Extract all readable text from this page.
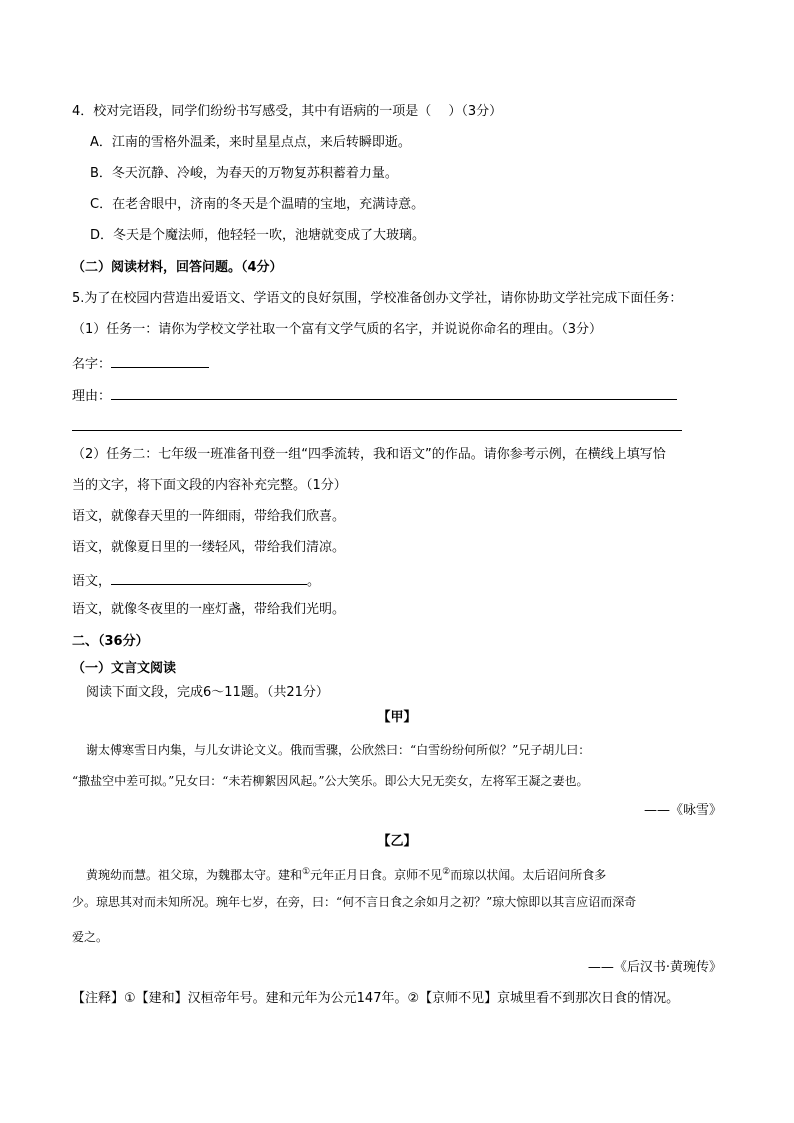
4．校对完语段，同学们纷纷书写感受，其中有语病的一项是（　 ）（3分）
A．江南的雪格外温柔，来时星星点点，来后转瞬即逝。
B．冬天沉静、冷峻，为春天的万物复苏积蓄着力量。
C．在老舍眼中，济南的冬天是个温晴的宝地，充满诗意。
D．冬天是个魔法师，他轻轻一吹，池塘就变成了大玻璃。
（二）阅读材料，回答问题。（4分）
5.为了在校园内营造出爱语文、学语文的良好氛围，学校准备创办文学社，请你协助文学社完成下面任务：
（1）任务一：请你为学校文学社取一个富有文学气质的名字，并说说你命名的理由。（3分）
名字：
理由：
（2）任务二：七年级一班准备刊登一组“四季流转，我和语文”的作品。请你参考示例，在横线上填写恰
当的文字，将下面文段的内容补充完整。（1分）
语文，就像春天里的一阵细雨，带给我们欣喜。
语文，就像夏日里的一缕轻风，带给我们清凉。
语文，	。
语文，就像冬夜里的一座灯盏，带给我们光明。
二、（36分）
（一）文言文阅读
阅读下面文段，完成6～11题。（共21分）
【甲】
谢太傅寒雪日内集，与儿女讲论文义。俄而雪骤，公欣然曰：“白雪纷纷何所似？”兄子胡儿曰：
“撒盐空中差可拟。”兄女曰：“未若柳絮因风起。”公大笑乐。即公大兄无奕女，左将军王凝之妻也。
——《咏雪》
【乙】
黄琬幼而慧。祖父琼，为魏郡太守。建和①元年正月日食。京师不见②而琼以状闻。太后诏问所食多
少。琼思其对而未知所况。琬年七岁，在旁，曰：“何不言日食之余如月之初？”琼大惊即以其言应诏而深奇
爱之。
——《后汉书·黄琬传》
【注释】①【建和】汉桓帝年号。建和元年为公元147年。②【京师不见】京城里看不到那次日食的情况。
